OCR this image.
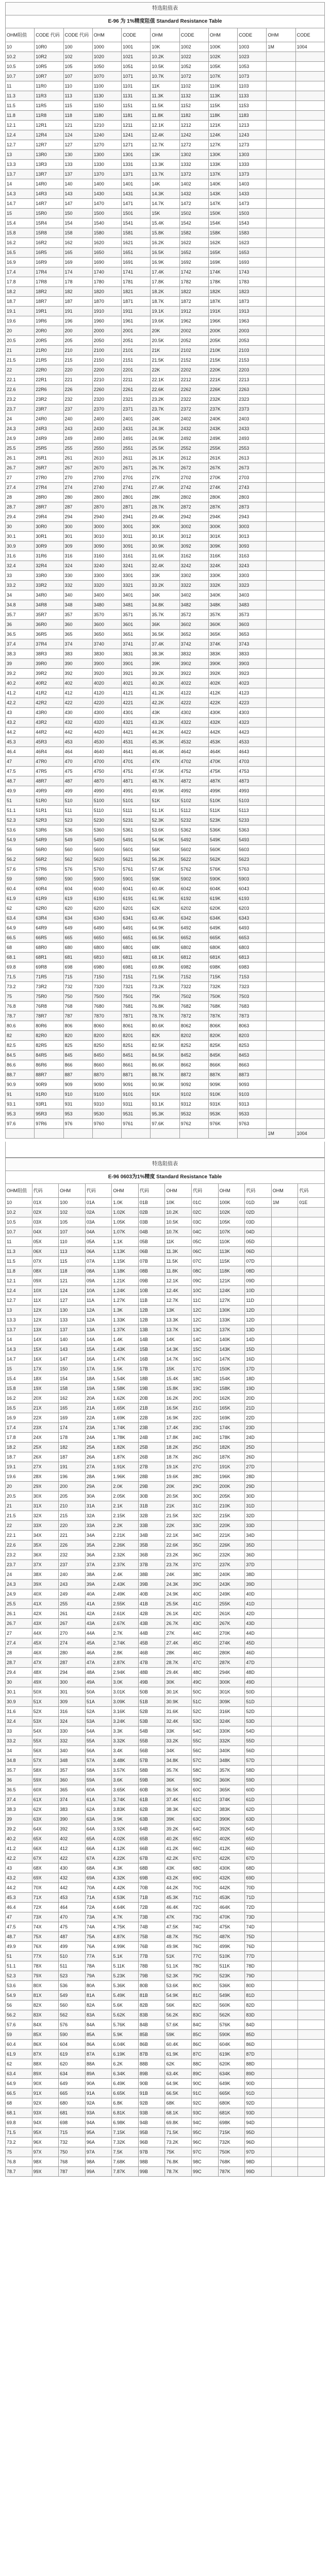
特选阻值表
E-96 为 1%精度阻值 Standard Resistance Table
OHM阻值	CODE 代码	CODE 代码	OHM	CODE	OHM	CODE	OHM	CODE	OHM	CODE
10	10R0	100	1000	1001	10K	1002	100K	1003	1M	1004
10.2	10R2	102	1020	1021	10.2K	1022	102K	1023		
10.5	10R5	105	1050	1051	10.5K	1052	105K	1053		
10.7	10R7	107	1070	1071	10.7K	1072	107K	1073		
11	11R0	110	1100	1101	11K	1102	110K	1103		
11.3	11R3	113	1130	1131	11.3K	1132	113K	1133		
11.5	11R5	115	1150	1151	11.5K	1152	115K	1153		
11.8	11R8	118	1180	1181	11.8K	1182	118K	1183		
12.1	12R1	121	1210	1211	12.1K	1212	121K	1213		
12.4	12R4	124	1240	1241	12.4K	1242	124K	1243		
12.7	12R7	127	1270	1271	12.7K	1272	127K	1273		
13	13R0	130	1300	1301	13K	1302	130K	1303		
13.3	13R3	133	1330	1331	13.3K	1332	133K	1333		
13.7	13R7	137	1370	1371	13.7K	1372	137K	1373		
14	14R0	140	1400	1401	14K	1402	140K	1403		
14.3	14R3	143	1430	1431	14.3K	1432	143K	1433		
14.7	14R7	147	1470	1471	14.7K	1472	147K	1473		
15	15R0	150	1500	1501	15K	1502	150K	1503		
15.4	15R4	154	1540	1541	15.4K	1542	154K	1543		
15.8	15R8	158	1580	1581	15.8K	1582	158K	1583		
16.2	16R2	162	1620	1621	16.2K	1622	162K	1623		
16.5	16R5	165	1650	1651	16.5K	1652	165K	1653		
16.9	16R9	169	1690	1691	16.9K	1692	169K	1693		
17.4	17R4	174	1740	1741	17.4K	1742	174K	1743		
17.8	17R8	178	1780	1781	17.8K	1782	178K	1783		
18.2	18R2	182	1820	1821	18.2K	1822	182K	1823		
18.7	18R7	187	1870	1871	18.7K	1872	187K	1873		
19.1	19R1	191	1910	1911	19.1K	1912	191K	1913		
19.6	19R6	196	1960	1961	19.6K	1962	196K	1963		
20	20R0	200	2000	2001	20K	2002	200K	2003		
20.5	20R5	205	2050	2051	20.5K	2052	205K	2053		
21	21R0	210	2100	2101	21K	2102	210K	2103		
21.5	21R5	215	2150	2151	21.5K	2152	215K	2153		
22	22R0	220	2200	2201	22K	2202	220K	2203		
22.1	22R1	221	2210	2211	22.1K	2212	221K	2213		
22.6	22R6	226	2260	2261	22.6K	2262	226K	2263		
23.2	23R2	232	2320	2321	23.2K	2322	232K	2323		
23.7	23R7	237	2370	2371	23.7K	2372	237K	2373		
24	24R0	240	2400	2401	24K	2402	240K	2403		
24.3	24R3	243	2430	2431	24.3K	2432	243K	2433		
24.9	24R9	249	2490	2491	24.9K	2492	249K	2493		
25.5	25R5	255	2550	2551	25.5K	2552	255K	2553		
26.1	26R1	261	2610	2611	26.1K	2612	261K	2613		
26.7	26R7	267	2670	2671	26.7K	2672	267K	2673		
27	27R0	270	2700	2701	27K	2702	270K	2703		
27.4	27R4	274	2740	2741	27.4K	2742	274K	2743		
28	28R0	280	2800	2801	28K	2802	280K	2803		
28.7	28R7	287	2870	2871	28.7K	2872	287K	2873		
29.4	29R4	294	2940	2941	29.4K	2942	294K	2943		
30	30R0	300	3000	3001	30K	3002	300K	3003		
30.1	30R1	301	3010	3011	30.1K	3012	301K	3013		
30.9	30R9	309	3090	3091	30.9K	3092	309K	3093		
31.6	31R6	316	3160	3161	31.6K	3162	316K	3163		
32.4	32R4	324	3240	3241	32.4K	3242	324K	3243		
33	33R0	330	3300	3301	33K	3302	330K	3303		
33.2	33R2	332	3320	3321	33.2K	3322	332K	3323		
34	34R0	340	3400	3401	34K	3402	340K	3403		
34.8	34R8	348	3480	3481	34.8K	3482	348K	3483		
35.7	35R7	357	3570	3571	35.7K	3572	357K	3573		
36	36R0	360	3600	3601	36K	3602	360K	3603		
36.5	36R5	365	3650	3651	36.5K	3652	365K	3653		
37.4	37R4	374	3740	3741	37.4K	3742	374K	3743		
38.3	38R3	383	3830	3831	38.3K	3832	383K	3833		
39	39R0	390	3900	3901	39K	3902	390K	3903		
39.2	39R2	392	3920	3921	39.2K	3922	392K	3923		
40.2	40R2	402	4020	4021	40.2K	4022	402K	4023		
41.2	41R2	412	4120	4121	41.2K	4122	412K	4123		
42.2	42R2	422	4220	4221	42.2K	4222	422K	4223		
43	43R0	430	4300	4301	43K	4302	430K	4303		
43.2	43R2	432	4320	4321	43.2K	4322	432K	4323		
44.2	44R2	442	4420	4421	44.2K	4422	442K	4423		
45.3	45R3	453	4530	4531	45.3K	4532	453K	4533		
46.4	46R4	464	4640	4641	46.4K	4642	464K	4643		
47	47R0	470	4700	4701	47K	4702	470K	4703		
47.5	47R5	475	4750	4751	47.5K	4752	475K	4753		
48.7	48R7	487	4870	4871	48.7K	4872	487K	4873		
49.9	49R9	499	4990	4991	49.9K	4992	499K	4993		
51	51R0	510	5100	5101	51K	5102	510K	5103		
51.1	51R1	511	5110	5111	51.1K	5112	511K	5113		
52.3	52R3	523	5230	5231	52.3K	5232	523K	5233		
53.6	53R6	536	5360	5361	53.6K	5362	536K	5363		
54.9	54R9	549	5490	5491	54.9K	5492	549K	5493		
56	56R0	560	5600	5601	56K	5602	560K	5603		
56.2	56R2	562	5620	5621	56.2K	5622	562K	5623		
57.6	57R6	576	5760	5761	57.6K	5762	576K	5763		
59	59R0	590	5900	5901	59K	5902	590K	5903		
60.4	60R4	604	6040	6041	60.4K	6042	604K	6043		
61.9	61R9	619	6190	6191	61.9K	6192	619K	6193		
62	62R0	620	6200	6201	62K	6202	620K	6203		
63.4	63R4	634	6340	6341	63.4K	6342	634K	6343		
64.9	64R9	649	6490	6491	64.9K	6492	649K	6493		
66.5	66R5	665	6650	6651	66.5K	6652	665K	6653		
68	68R0	680	6800	6801	68K	6802	680K	6803		
68.1	68R1	681	6810	6811	68.1K	6812	681K	6813		
69.8	69R8	698	6980	6981	69.8K	6982	698K	6983		
71.5	71R5	715	7150	7151	71.5K	7152	715K	7153		
73.2	73R2	732	7320	7321	73.2K	7322	732K	7323		
75	75R0	750	7500	7501	75K	7502	750K	7503		
76.8	76R8	768	7680	7681	76.8K	7682	768K	7683		
78.7	78R7	787	7870	7871	78.7K	7872	787K	7873		
80.6	80R6	806	8060	8061	80.6K	8062	806K	8063		
82	82R0	820	8200	8201	82K	8202	820K	8203		
82.5	82R5	825	8250	8251	82.5K	8252	825K	8253		
84.5	84R5	845	8450	8451	84.5K	8452	845K	8453		
86.6	86R6	866	8660	8661	86.6K	8662	866K	8663		
88.7	88R7	887	8870	8871	88.7K	8872	887K	8873		
90.9	90R9	909	9090	9091	90.9K	9092	909K	9093		
91	91R0	910	9100	9101	91K	9102	910K	9103		
93.1	93R1	931	9310	9311	93.1K	9312	931K	9313		
95.3	95R3	953	9530	9531	95.3K	9532	953K	9533		
97.6	97R6	976	9760	9761	97.6K	9762	976K	9763		
									1M	1004
特选阻值表
E-96 0603为1%精度 Standard Resistance Table
OHM阻值	代码	OHM	代码	OHM	代码	OHM	代码	OHM	代码	OHM	代码
10	01X	100	01A	1.0K	01B	10K	01C	100K	01D	1M	01E
10.2	02X	102	02A	1.02K	02B	10.2K	02C	102K	02D		
10.5	03X	105	03A	1.05K	03B	10.5K	03C	105K	03D		
10.7	04X	107	04A	1.07K	04B	10.7K	04C	107K	04D		
11	05X	110	05A	1.1K	05B	11K	05C	110K	05D		
11.3	06X	113	06A	1.13K	06B	11.3K	06C	113K	06D		
11.5	07X	115	07A	1.15K	07B	11.5K	07C	115K	07D		
11.8	08X	118	08A	1.18K	08B	11.8K	08C	118K	08D		
12.1	09X	121	09A	1.21K	09B	12.1K	09C	121K	09D		
12.4	10X	124	10A	1.24K	10B	12.4K	10C	124K	10D		
12.7	11X	127	11A	1.27K	11B	12.7K	11C	127K	11D		
13	12X	130	12A	1.3K	12B	13K	12C	130K	12D		
13.3	12X	133	12A	1.33K	12B	13.3K	12C	133K	12D		
13.7	13X	137	13A	1.37K	13B	13.7K	13C	137K	13D		
14	14X	140	14A	1.4K	14B	14K	14C	140K	14D		
14.3	15X	143	15A	1.43K	15B	14.3K	15C	143K	15D		
14.7	16X	147	16A	1.47K	16B	14.7K	16C	147K	16D		
15	17X	150	17A	1.5K	17B	15K	17C	150K	17D		
15.4	18X	154	18A	1.54K	18B	15.4K	18C	154K	18D		
15.8	19X	158	19A	1.58K	19B	15.8K	19C	158K	19D		
16.2	20X	162	20A	1.62K	20B	16.2K	20C	162K	20D		
16.5	21X	165	21A	1.65K	21B	16.5K	21C	165K	21D		
16.9	22X	169	22A	1.69K	22B	16.9K	22C	169K	22D		
17.4	23X	174	23A	1.74K	23B	17.4K	23C	174K	23D		
17.8	24X	178	24A	1.78K	24B	17.8K	24C	178K	24D		
18.2	25X	182	25A	1.82K	25B	18.2K	25C	182K	25D		
18.7	26X	187	26A	1.87K	26B	18.7K	26C	187K	26D		
19.1	27X	191	27A	1.91K	27B	19.1K	27C	191K	27D		
19.6	28X	196	28A	1.96K	28B	19.6K	28C	196K	28D		
20	29X	200	29A	2.0K	29B	20K	29C	200K	29D		
20.5	30X	205	30A	2.05K	30B	20.5K	30C	205K	30D		
21	31X	210	31A	2.1K	31B	21K	31C	210K	31D		
21.5	32X	215	32A	2.15K	32B	21.5K	32C	215K	32D		
22	33X	220	33A	2.2K	33B	22K	33C	220K	33D		
22.1	34X	221	34A	2.21K	34B	22.1K	34C	221K	34D		
22.6	35X	226	35A	2.26K	35B	22.6K	35C	226K	35D		
23.2	36X	232	36A	2.32K	36B	23.2K	36C	232K	36D		
23.7	37X	237	37A	2.37K	37B	23.7K	37C	237K	37D		
24	38X	240	38A	2.4K	38B	24K	38C	240K	38D		
24.3	39X	243	39A	2.43K	39B	24.3K	39C	243K	39D		
24.9	40X	249	40A	2.49K	40B	24.9K	40C	249K	40D		
25.5	41X	255	41A	2.55K	41B	25.5K	41C	255K	41D		
26.1	42X	261	42A	2.61K	42B	26.1K	42C	261K	42D		
26.7	43X	267	43A	2.67K	43B	26.7K	43C	267K	43D		
27	44X	270	44A	2.7K	44B	27K	44C	270K	44D		
27.4	45X	274	45A	2.74K	45B	27.4K	45C	274K	45D		
28	46X	280	46A	2.8K	46B	28K	46C	280K	46D		
28.7	47X	287	47A	2.87K	47B	28.7K	47C	287K	47D		
29.4	48X	294	48A	2.94K	48B	29.4K	48C	294K	48D		
30	49X	300	49A	3.0K	49B	30K	49C	300K	49D		
30.1	50X	301	50A	3.01K	50B	30.1K	50C	301K	50D		
30.9	51X	309	51A	3.09K	51B	30.9K	51C	309K	51D		
31.6	52X	316	52A	3.16K	52B	31.6K	52C	316K	52D		
32.4	53X	324	53A	3.24K	53B	32.4K	53C	324K	53D		
33	54X	330	54A	3.3K	54B	33K	54C	330K	54D		
33.2	55X	332	55A	3.32K	55B	33.2K	55C	332K	55D		
34	56X	340	56A	3.4K	56B	34K	56C	340K	56D		
34.8	57X	348	57A	3.48K	57B	34.8K	57C	348K	57D		
35.7	58X	357	58A	3.57K	58B	35.7K	58C	357K	58D		
36	59X	360	59A	3.6K	59B	36K	59C	360K	59D		
36.5	60X	365	60A	3.65K	60B	36.5K	60C	365K	60D		
37.4	61X	374	61A	3.74K	61B	37.4K	61C	374K	61D		
38.3	62X	383	62A	3.83K	62B	38.3K	62C	383K	62D		
39	63X	390	63A	3.9K	63B	39K	63C	390K	63D		
39.2	64X	392	64A	3.92K	64B	39.2K	64C	392K	64D		
40.2	65X	402	65A	4.02K	65B	40.2K	65C	402K	65D		
41.2	66X	412	66A	4.12K	66B	41.2K	66C	412K	66D		
42.2	67X	422	67A	4.22K	67B	42.2K	67C	422K	67D		
43	68X	430	68A	4.3K	68B	43K	68C	430K	68D		
43.2	69X	432	69A	4.32K	69B	43.2K	69C	432K	69D		
44.2	70X	442	70A	4.42K	70B	44.2K	70C	442K	70D		
45.3	71X	453	71A	4.53K	71B	45.3K	71C	453K	71D		
46.4	72X	464	72A	4.64K	72B	46.4K	72C	464K	72D		
47	73X	470	73A	4.7K	73B	47K	73C	470K	73D		
47.5	74X	475	74A	4.75K	74B	47.5K	74C	475K	74D		
48.7	75X	487	75A	4.87K	75B	48.7K	75C	487K	75D		
49.9	76X	499	76A	4.99K	76B	49.9K	76C	499K	76D		
51	77X	510	77A	5.1K	77B	51K	77C	510K	77D		
51.1	78X	511	78A	5.11K	78B	51.1K	78C	511K	78D		
52.3	79X	523	79A	5.23K	79B	52.3K	79C	523K	79D		
53.6	80X	536	80A	5.36K	80B	53.6K	80C	536K	80D		
54.9	81X	549	81A	5.49K	81B	54.9K	81C	549K	81D		
56	82X	560	82A	5.6K	82B	56K	82C	560K	82D		
56.2	83X	562	83A	5.62K	83B	56.2K	83C	562K	83D		
57.6	84X	576	84A	5.76K	84B	57.6K	84C	576K	84D		
59	85X	590	85A	5.9K	85B	59K	85C	590K	85D		
60.4	86X	604	86A	6.04K	86B	60.4K	86C	604K	86D		
61.9	87X	619	87A	6.19K	87B	61.9K	87C	619K	87D		
62	88X	620	88A	6.2K	88B	62K	88C	620K	88D		
63.4	89X	634	89A	6.34K	89B	63.4K	89C	634K	89D		
64.9	90X	649	90A	6.49K	90B	64.9K	90C	649K	90D		
66.5	91X	665	91A	6.65K	91B	66.5K	91C	665K	91D		
68	92X	680	92A	6.8K	92B	68K	92C	680K	92D		
68.1	93X	681	93A	6.81K	93B	68.1K	93C	681K	93D		
69.8	94X	698	94A	6.98K	94B	69.8K	94C	698K	94D		
71.5	95X	715	95A	7.15K	95B	71.5K	95C	715K	95D		
73.2	96X	732	96A	7.32K	96B	73.2K	96C	732K	96D		
75	97X	750	97A	7.5K	97B	75K	97C	750K	97D		
76.8	98X	768	98A	7.68K	98B	76.8K	98C	768K	98D		
78.7	99X	787	99A	7.87K	99B	78.7K	99C	787K	99D		
